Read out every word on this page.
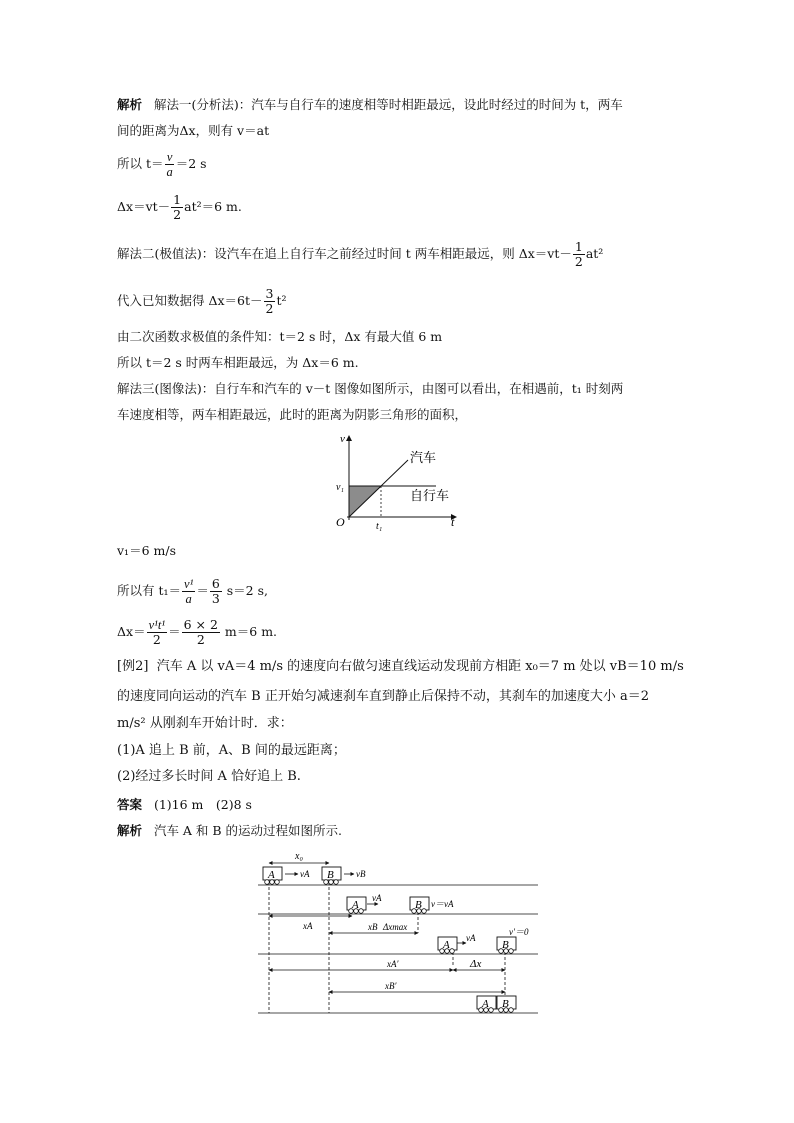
解析 解法一(分析法)：汽车与自行车的速度相等时相距最远，设此时经过的时间为 t，两车
间的距离为Δx，则有 v＝at
所以 $t= \frac{v}{a} =2$ s
$\Delta x=vt- \frac{1}{2} at^2=6$ m.
解法二(极值法)：设汽车在追上自行车之前经过时间 t 两车相距最远，则 $\Delta x=vt- \frac{1}{2} at^2$
代入已知数据得 $\Delta x=6t- \frac{3}{2} t^2$
由二次函数求极值的条件知：t＝2 s 时，Δx 有最大值 6 m
所以 t＝2 s 时两车相距最远，为 Δx＝6 m.
解法三(图像法)：自行车和汽车的 v－t 图像如图所示，由图可以看出，在相遇前，t₁ 时刻两
车速度相等，两车相距最远，此时的距离为阴影三角形的面积，
v
t
O
v₁
t₁
汽车
自行车
v₁＝6 m/s
所以有 $t_1= \frac{\text{v¹}}{a} = \frac{6}{3} s=2$ s,
$\Delta x= \frac{\text{v¹t¹}}{2} = \frac{6 \times 2}{2} m=6$ m.
[例2] 汽车 A 以 vA＝4 m/s 的速度向右做匀速直线运动发现前方相距 x₀＝7 m 处以 vB＝10 m/s
的速度同向运动的汽车 B 正开始匀减速刹车直到静止后保持不动，其刹车的加速度大小 a＝2
m/s² 从刚刹车开始计时．求：
(1)A 追上 B 前，A、B 间的最远距离；
(2)经过多长时间 A 恰好追上 B.
答案 (1)16 m　(2)8 s
解析 汽车 A 和 B 的运动过程如图所示.
A	B
A	B
A	B
A B
x₀
vA	vB
vA
v＝vA
xA	xB Δxmax
vA
v′＝0
xA′	Δx
xB′
